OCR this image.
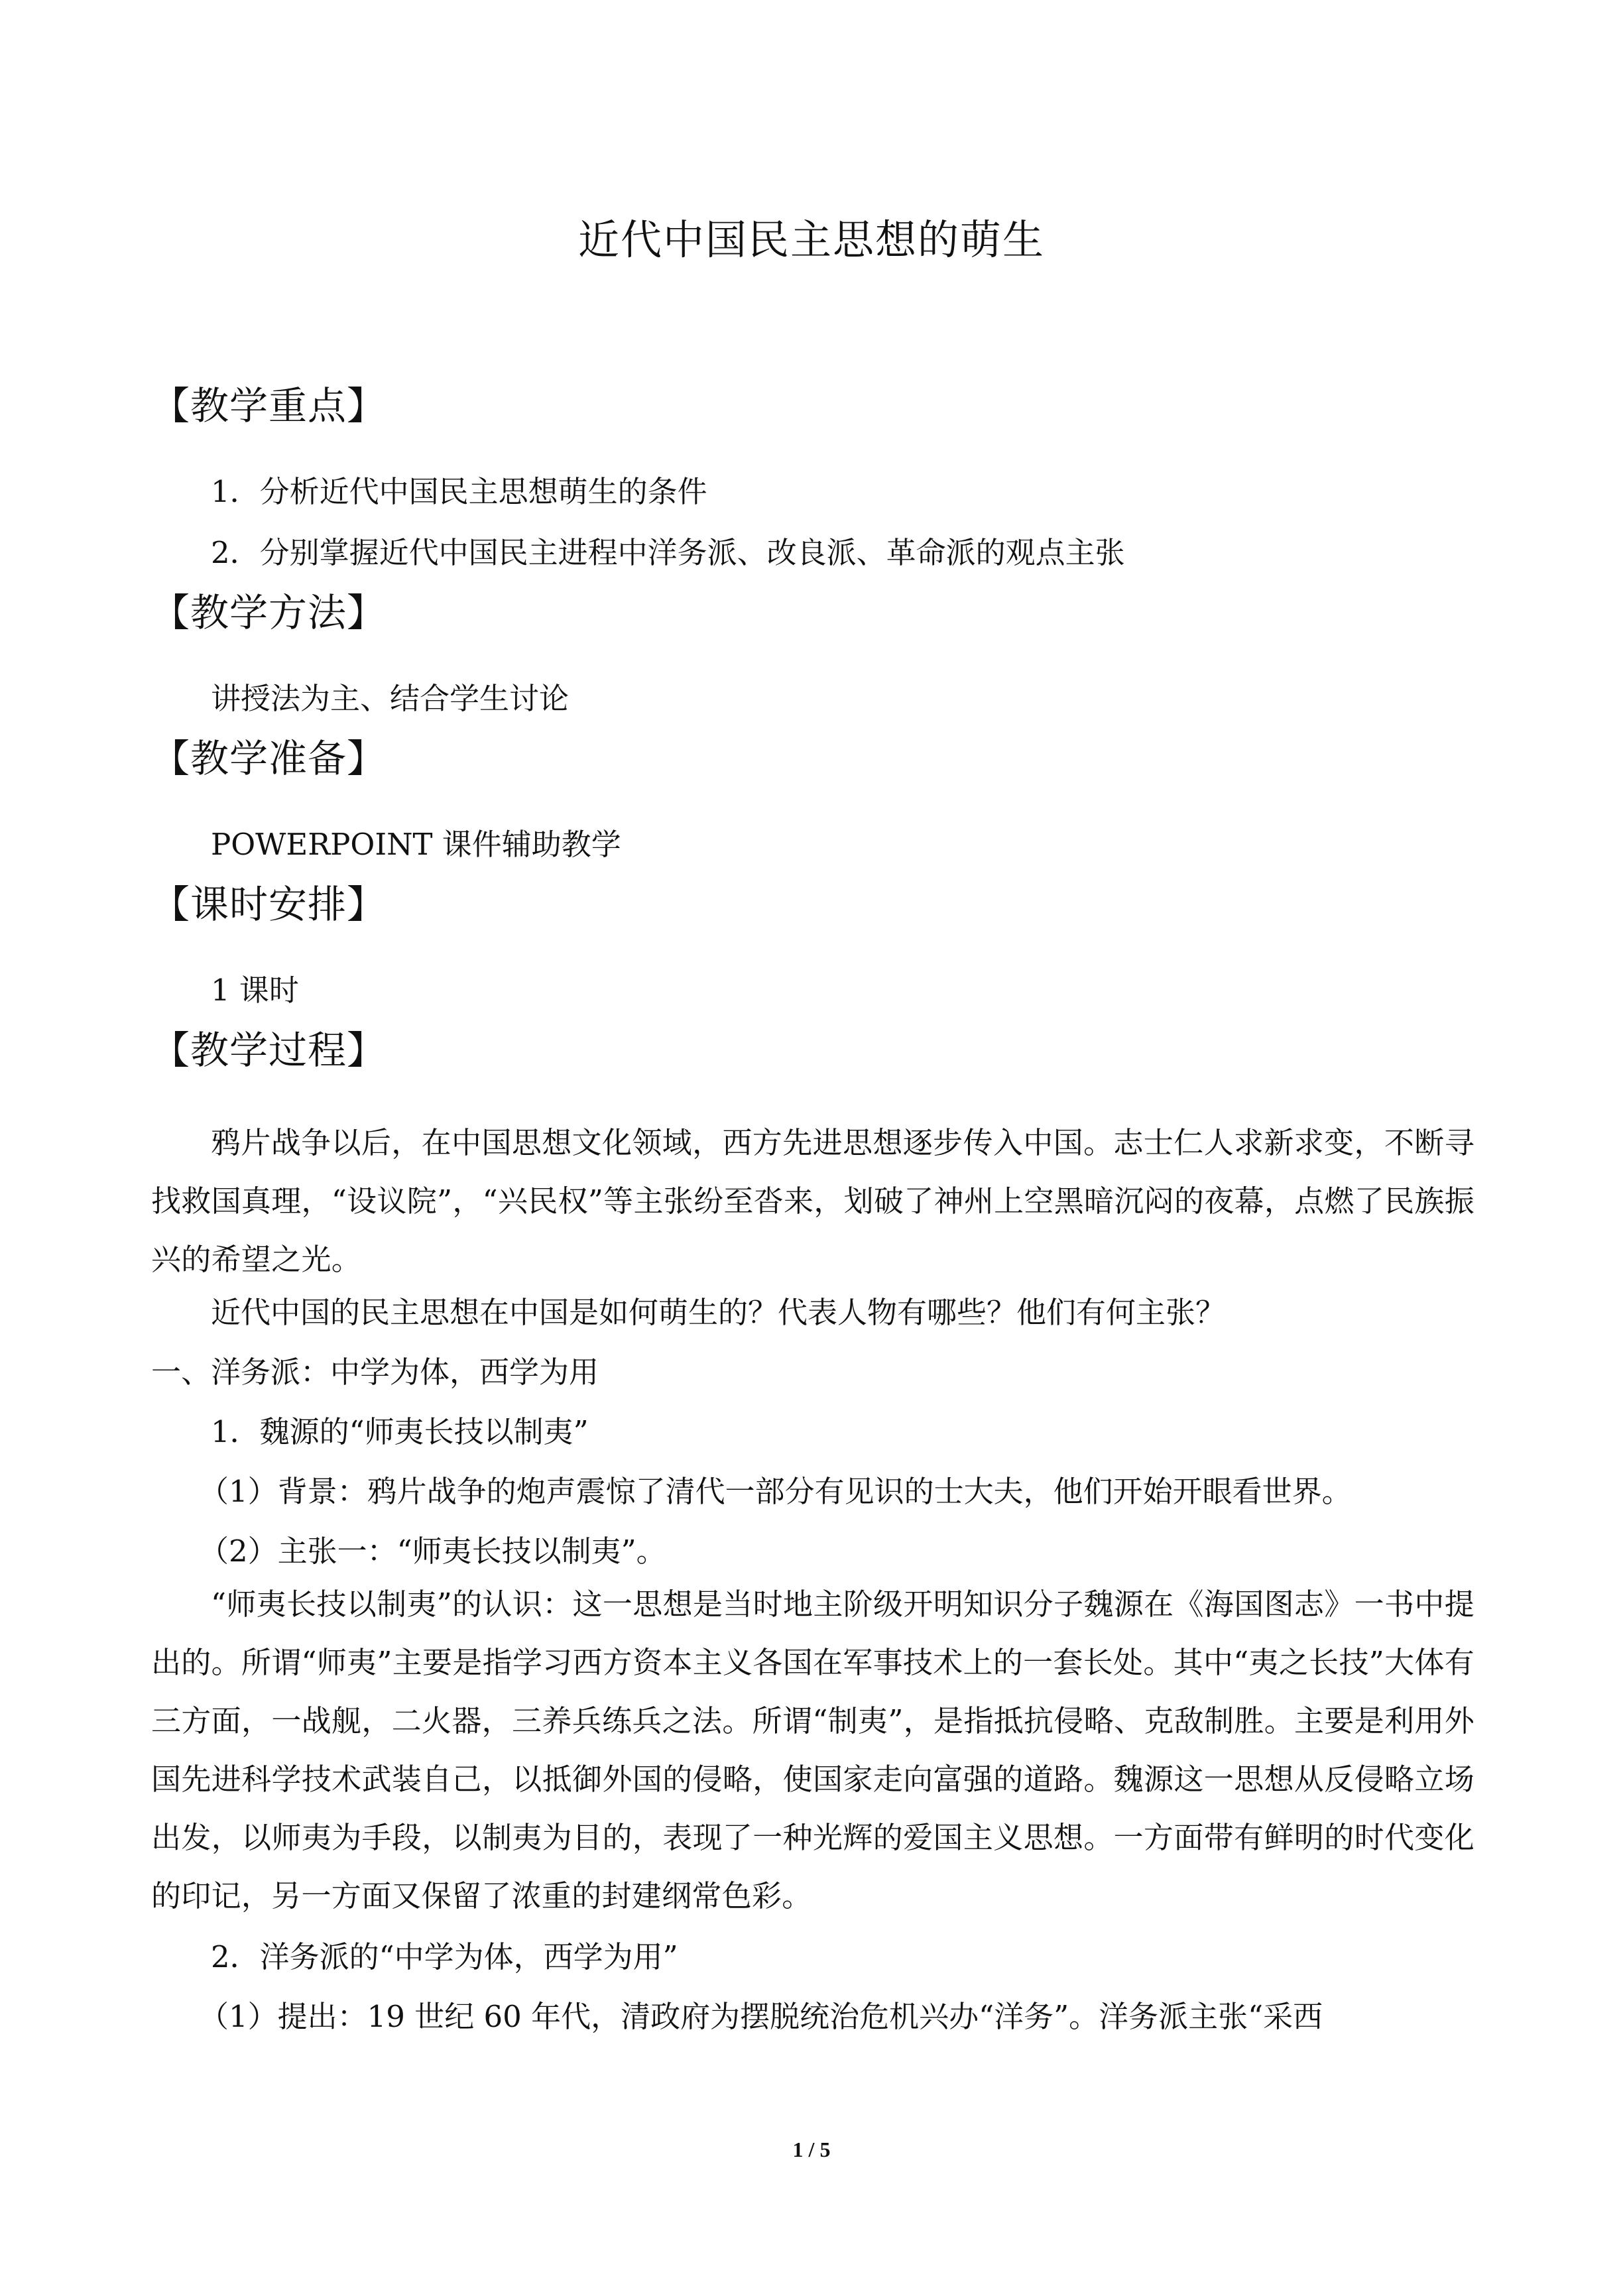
近代中国民主思想的萌生
【教学重点】
1．分析近代中国民主思想萌生的条件
2．分别掌握近代中国民主进程中洋务派、改良派、革命派的观点主张
【教学方法】
讲授法为主、结合学生讨论
【教学准备】
POWERPOINT 课件辅助教学
【课时安排】
1 课时
【教学过程】
鸦片战争以后，在中国思想文化领域，西方先进思想逐步传入中国。志士仁人求新求变，不断寻找救国真理，“设议院”，“兴民权”等主张纷至沓来，划破了神州上空黑暗沉闷的夜幕，点燃了民族振兴的希望之光。
近代中国的民主思想在中国是如何萌生的？代表人物有哪些？他们有何主张？
一、洋务派：中学为体，西学为用
1．魏源的“师夷长技以制夷”
（1）背景：鸦片战争的炮声震惊了清代一部分有见识的士大夫，他们开始开眼看世界。
（2）主张一：“师夷长技以制夷”。
“师夷长技以制夷”的认识：这一思想是当时地主阶级开明知识分子魏源在《海国图志》一书中提出的。所谓“师夷”主要是指学习西方资本主义各国在军事技术上的一套长处。其中“夷之长技”大体有三方面，一战舰，二火器，三养兵练兵之法。所谓“制夷”，是指抵抗侵略、克敌制胜。主要是利用外国先进科学技术武装自己，以抵御外国的侵略，使国家走向富强的道路。魏源这一思想从反侵略立场出发，以师夷为手段，以制夷为目的，表现了一种光辉的爱国主义思想。一方面带有鲜明的时代变化的印记，另一方面又保留了浓重的封建纲常色彩。
2．洋务派的“中学为体，西学为用”
（1）提出：19 世纪 60 年代，清政府为摆脱统治危机兴办“洋务”。洋务派主张“采西
1 / 5
